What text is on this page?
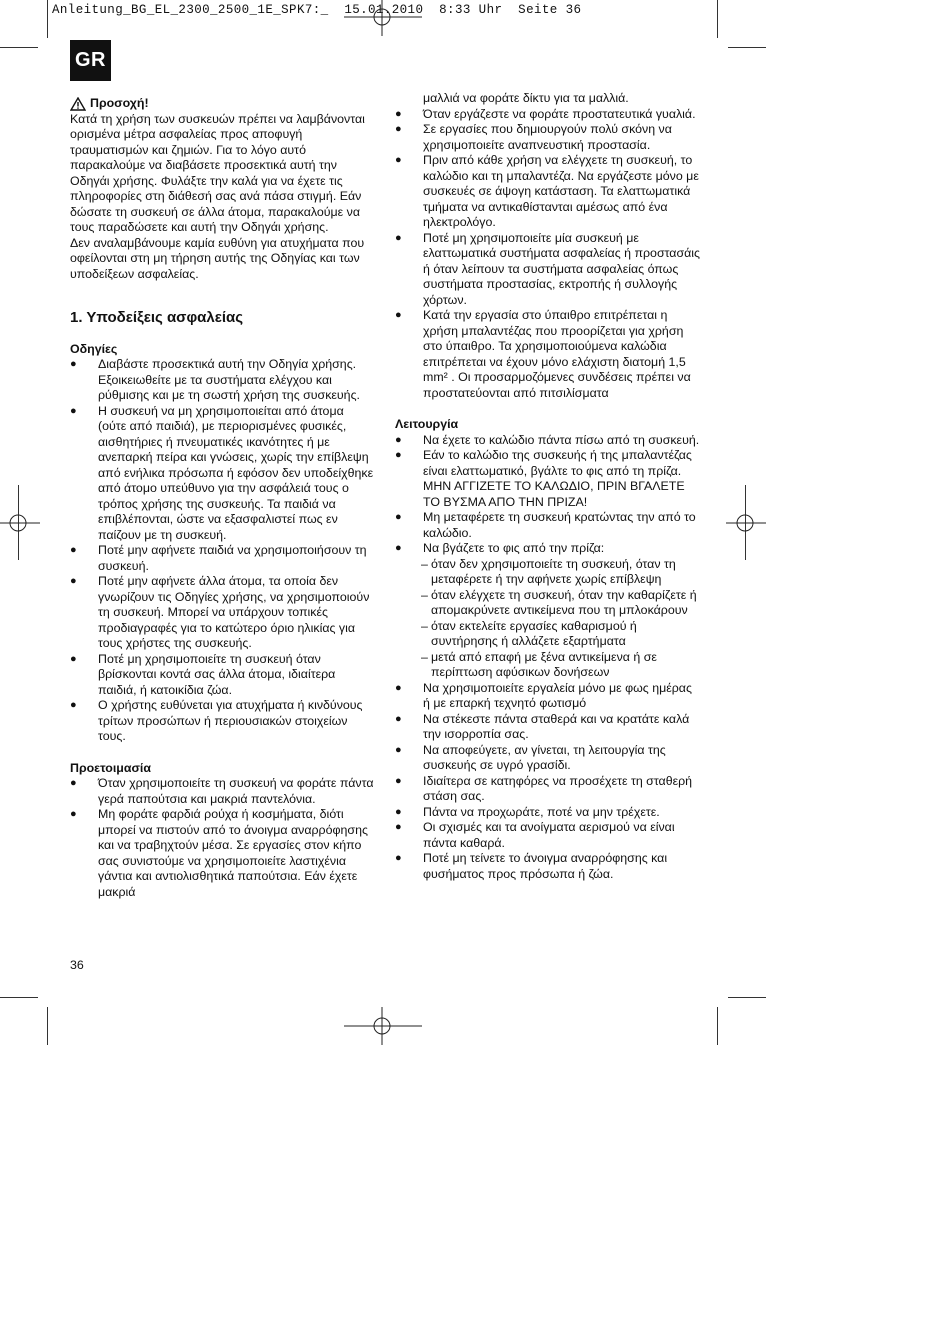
Anleitung_BG_EL_2300_2500_1E_SPK7:_  15.01.2010  8:33 Uhr  Seite 36
GR
Προσοχή!

Κατά τη χρήση των συσκευών πρέπει να λαμβάνονται ορισμένα μέτρα ασφαλείας προς αποφυγή τραυματισμών και ζημιών. Για το λόγο αυτό παρακαλούμε να διαβάσετε προσεκτικά αυτή την Οδηγάι χρήσης. Φυλάξτε την καλά για να έχετε τις πληροφορίες στη διάθεσή σας ανά πάσα στιγμή. Εάν δώσατε τη συσκευή σε άλλα άτομα, παρακαλούμε να τους παραδώσετε και αυτή την Οδηγάι χρήσης.

Δεν αναλαμβάνουμε καμία ευθύνη για ατυχήματα που οφείλονται στη μη τήρηση αυτής της Οδηγίας και των υποδείξεων ασφαλείας.

1. Υποδείξεις ασφαλείας
Οδηγίες
● Διαβάστε προσεκτικά αυτή την Οδηγία χρήσης. Εξοικειωθείτε με τα συστήματα ελέγχου και ρύθμισης και με τη σωστή χρήση της συσκευής.
● Η συσκευή να μη χρησιμοποιείται από άτομα (ούτε από παιδιά), με περιορισμένες φυσικές, αισθητήριες ή πνευματικές ικανότητες ή με ανεπαρκή πείρα και γνώσεις, χωρίς την επίβλεψη από ενήλικα πρόσωπα ή εφόσον δεν υποδείχθηκε από άτομο υπεύθυνο για την ασφάλειά τους ο τρόπος χρήσης της συσκευής. Τα παιδιά να επιβλέπονται, ώστε να εξασφαλιστεί πως εν παίζουν με τη συσκευή.
● Ποτέ μην αφήνετε παιδιά να χρησιμοποιήσουν τη συσκευή.
● Ποτέ μην αφήνετε άλλα άτομα, τα οποία δεν γνωρίζουν τις Οδηγίες χρήσης, να χρησιμοποιούν τη συσκευή. Μπορεί να υπάρχουν τοπικές προδιαγραφές για το κατώτερο όριο ηλικίας για τους χρήστες της συσκευής.
● Ποτέ μη χρησιμοποιείτε τη συσκευή όταν βρίσκονται κοντά σας άλλα άτομα, ιδιαίτερα παιδιά, ή κατοικίδια ζώα.
● Ο χρήστης ευθύνεται για ατυχήματα ή κινδύνους τρίτων προσώπων ή περιουσιακών στοιχείων τους.
Προετοιμασία
● Όταν χρησιμοποιείτε τη συσκευή να φοράτε πάντα γερά παπούτσια και μακριά παντελόνια.
● Μη φοράτε φαρδιά ρούχα ή κοσμήματα, διότι μπορεί να πιστούν από το άνοιγμα αναρρόφησης και να τραβηχτούν μέσα. Σε εργασίες στον κήπο σας συνιστούμε να χρησιμοποιείτε λαστιχένια γάντια και αντιολισθητικά παπούτσια. Εάν έχετε μακριά

μαλλιά να φοράτε δίκτυ για τα μαλλιά.

● Όταν εργάζεστε να φοράτε προστατευτικά γυαλιά.
● Σε εργασίες που δημιουργούν πολύ σκόνη να χρησιμοποιείτε αναπνευστική προστασία.
● Πριν από κάθε χρήση να ελέγχετε τη συσκευή, το καλώδιο και τη μπαλαντέζα. Να εργάζεστε μόνο με συσκευές σε άψογη κατάσταση. Τα ελαττωματικά τμήματα να αντικαθίστανται αμέσως από ένα ηλεκτρολόγο.
● Ποτέ μη χρησιμοποιείτε μία συσκευή με ελαττωματικά συστήματα ασφαλείας ή προστασάις ή όταν λείπουν τα συστήματα ασφαλείας όπως συστήματα προστασίας, εκτροπής ή συλλογής χόρτων.
● Κατά την εργασία στο ύπαιθρο επιτρέπεται η χρήση μπαλαντέζας που προορίζεται για χρήση στο ύπαιθρο. Τα χρησιμοποιούμενα καλώδια επιτρέπεται να έχουν μόνο ελάχιστη διατομή 1,5 mm² . Οι προσαρμοζόμενες συνδέσεις πρέπει να προστατεύονται από πιτσιλίσματα
Λειτουργία
● Να έχετε το καλώδιο πάντα πίσω από τη συσκευή.
● Εάν το καλώδιο της συσκευής ή της μπαλαντέζας είναι ελαττωματικό, βγάλτε το φις από τη πρίζα. ΜΗΝ ΑΓΓΙΖΕΤΕ ΤΟ ΚΑΛΩΔΙΟ, ΠΡΙΝ ΒΓΑΛΕΤΕ ΤΟ ΒΥΣΜΑ ΑΠΟ ΤΗΝ ΠΡΙΖΑ!
● Μη μεταφέρετε τη συσκευή κρατώντας την από το καλώδιο.
● Να βγάζετε το φις από την πρίζα:
– όταν δεν χρησιμοποιείτε τη συσκευή, όταν τη μεταφέρετε ή την αφήνετε χωρίς επίβλεψη
– όταν ελέγχετε τη συσκευή, όταν την καθαρίζετε ή απομακρύνετε αντικείμενα που τη μπλοκάρουν
– όταν εκτελείτε εργασίες καθαρισμού ή συντήρησης ή αλλάζετε εξαρτήματα
– μετά από επαφή με ξένα αντικείμενα ή σε περίπτωση αφύσικων δονήσεων
● Να χρησιμοποιείτε εργαλεία μόνο με φως ημέρας ή με επαρκή τεχνητό φωτισμό
● Να στέκεστε πάντα σταθερά και να κρατάτε καλά την ισορροπία σας.
● Να αποφεύγετε, αν γίνεται, τη λειτουργία της συσκευής σε υγρό γρασίδι.
● Ιδιαίτερα σε κατηφόρες να προσέχετε τη σταθερή στάση σας.
● Πάντα να προχωράτε, ποτέ να μην τρέχετε.
● Οι σχισμές και τα ανοίγματα αερισμού να είναι πάντα καθαρά.
● Ποτέ μη τείνετε το άνοιγμα αναρρόφησης και φυσήματος προς πρόσωπα ή ζώα.
36
